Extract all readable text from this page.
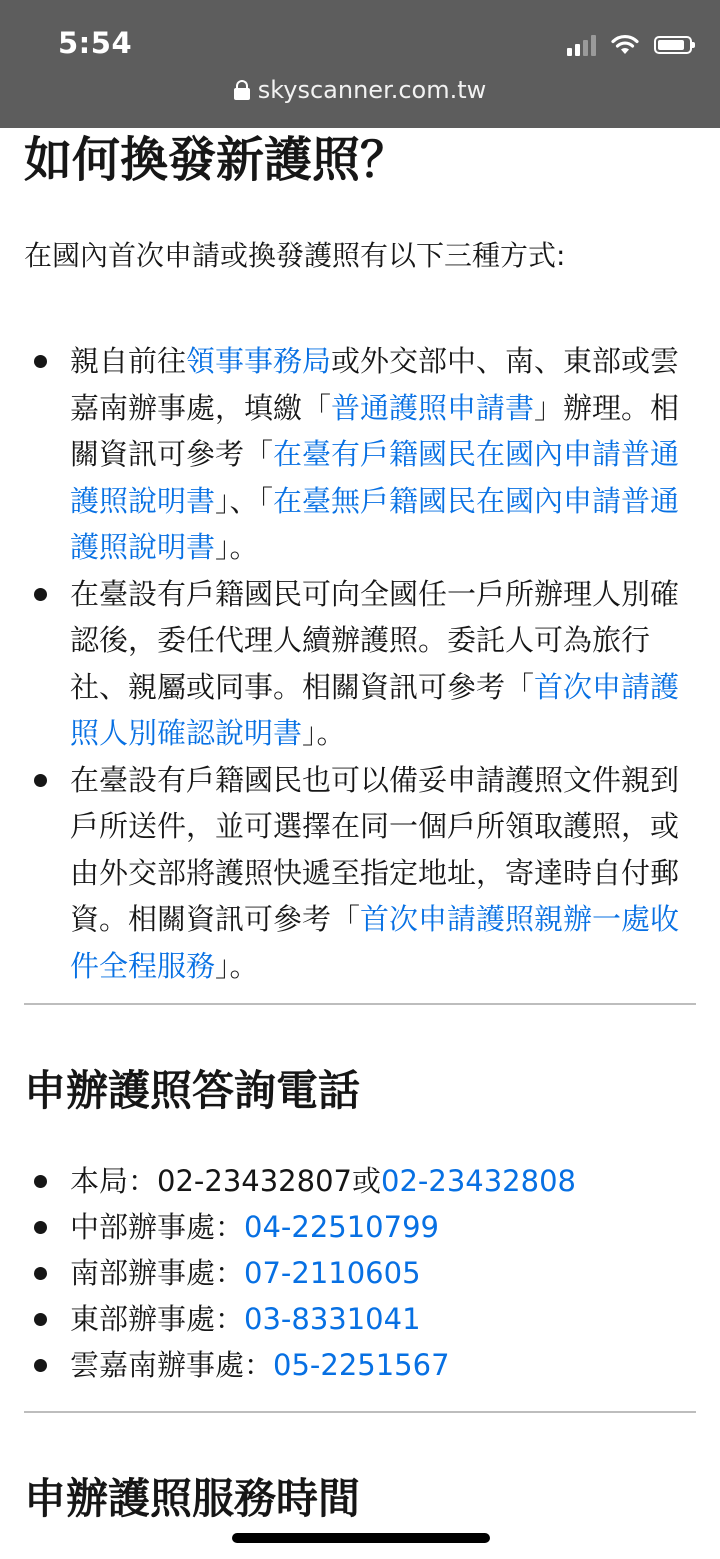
5:54
skyscanner.com.tw
如何換發新護照？
在國內首次申請或換發護照有以下三種方式:
親自前往領事事務局或外交部中、南、東部或雲嘉南辦事處，填繳「普通護照申請書」辦理。相關資訊可參考「在臺有戶籍國民在國內申請普通護照說明書」、「在臺無戶籍國民在國內申請普通護照說明書」。
在臺設有戶籍國民可向全國任一戶所辦理人別確認後，委任代理人續辦護照。委託人可為旅行社、親屬或同事。相關資訊可參考「首次申請護照人別確認說明書」。
在臺設有戶籍國民也可以備妥申請護照文件親到戶所送件，並可選擇在同一個戶所領取護照，或由外交部將護照快遞至指定地址，寄達時自付郵資。相關資訊可參考「首次申請護照親辦一處收件全程服務」。
申辦護照答詢電話
本局：02-23432807或02-23432808
中部辦事處：04-22510799
南部辦事處：07-2110605
東部辦事處：03-8331041
雲嘉南辦事處：05-2251567
申辦護照服務時間
